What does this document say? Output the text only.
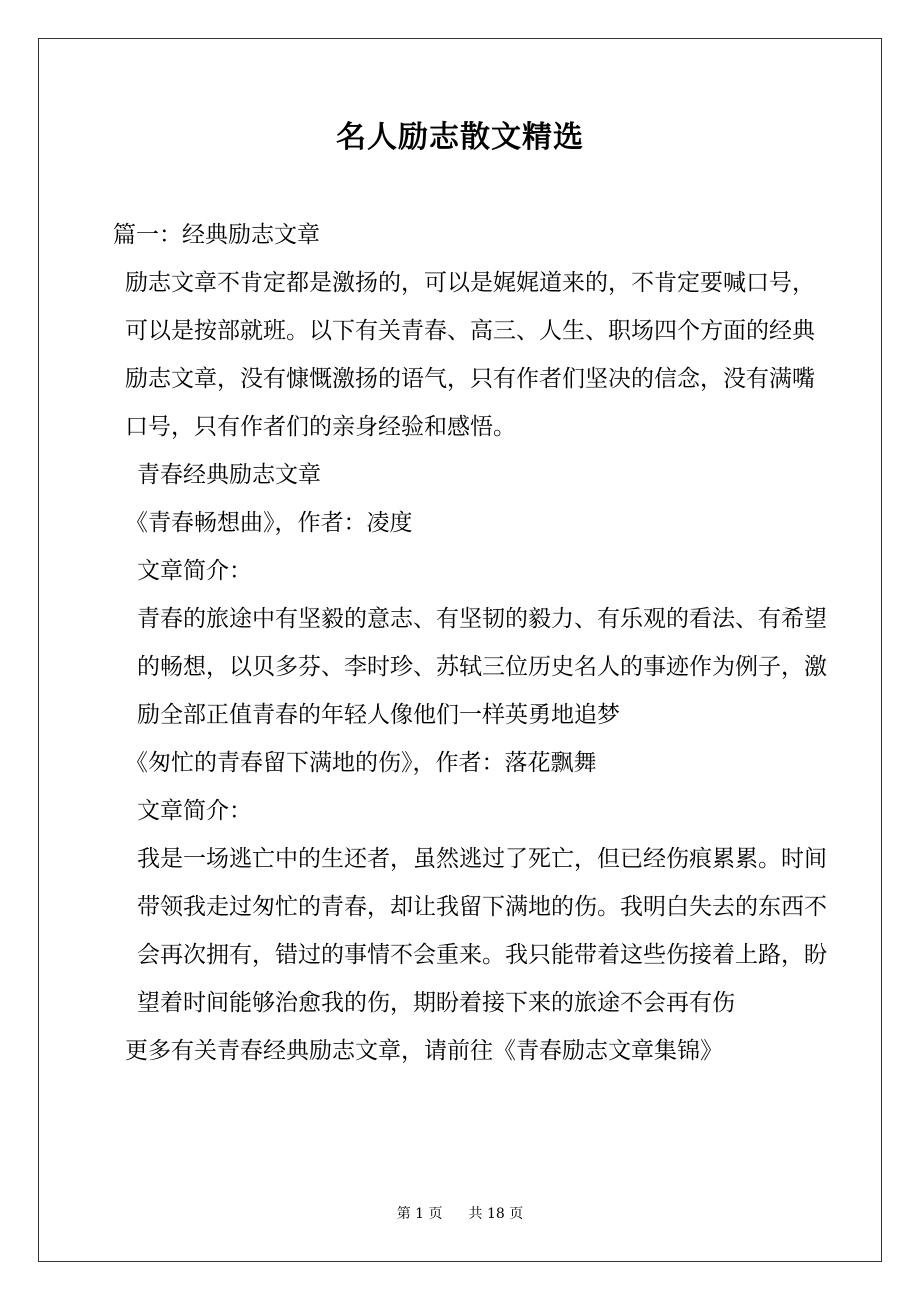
名人励志散文精选

篇一：经典励志文章

励志文章不肯定都是激扬的，可以是娓娓道来的，不肯定要喊口号，可以是按部就班。以下有关青春、高三、人生、职场四个方面的经典励志文章，没有慷慨激扬的语气，只有作者们坚决的信念，没有满嘴口号，只有作者们的亲身经验和感悟。

青春经典励志文章

《青春畅想曲》，作者：凌度

文章简介：

青春的旅途中有坚毅的意志、有坚韧的毅力、有乐观的看法、有希望的畅想，以贝多芬、李时珍、苏轼三位历史名人的事迹作为例子，激励全部正值青春的年轻人像他们一样英勇地追梦

《匆忙的青春留下满地的伤》，作者：落花飘舞

文章简介：

我是一场逃亡中的生还者，虽然逃过了死亡，但已经伤痕累累。时间带领我走过匆忙的青春，却让我留下满地的伤。我明白失去的东西不会再次拥有，错过的事情不会重来。我只能带着这些伤接着上路，盼望着时间能够治愈我的伤，期盼着接下来的旅途不会再有伤

更多有关青春经典励志文章，请前往《青春励志文章集锦》

第 1 页 共 18 页
